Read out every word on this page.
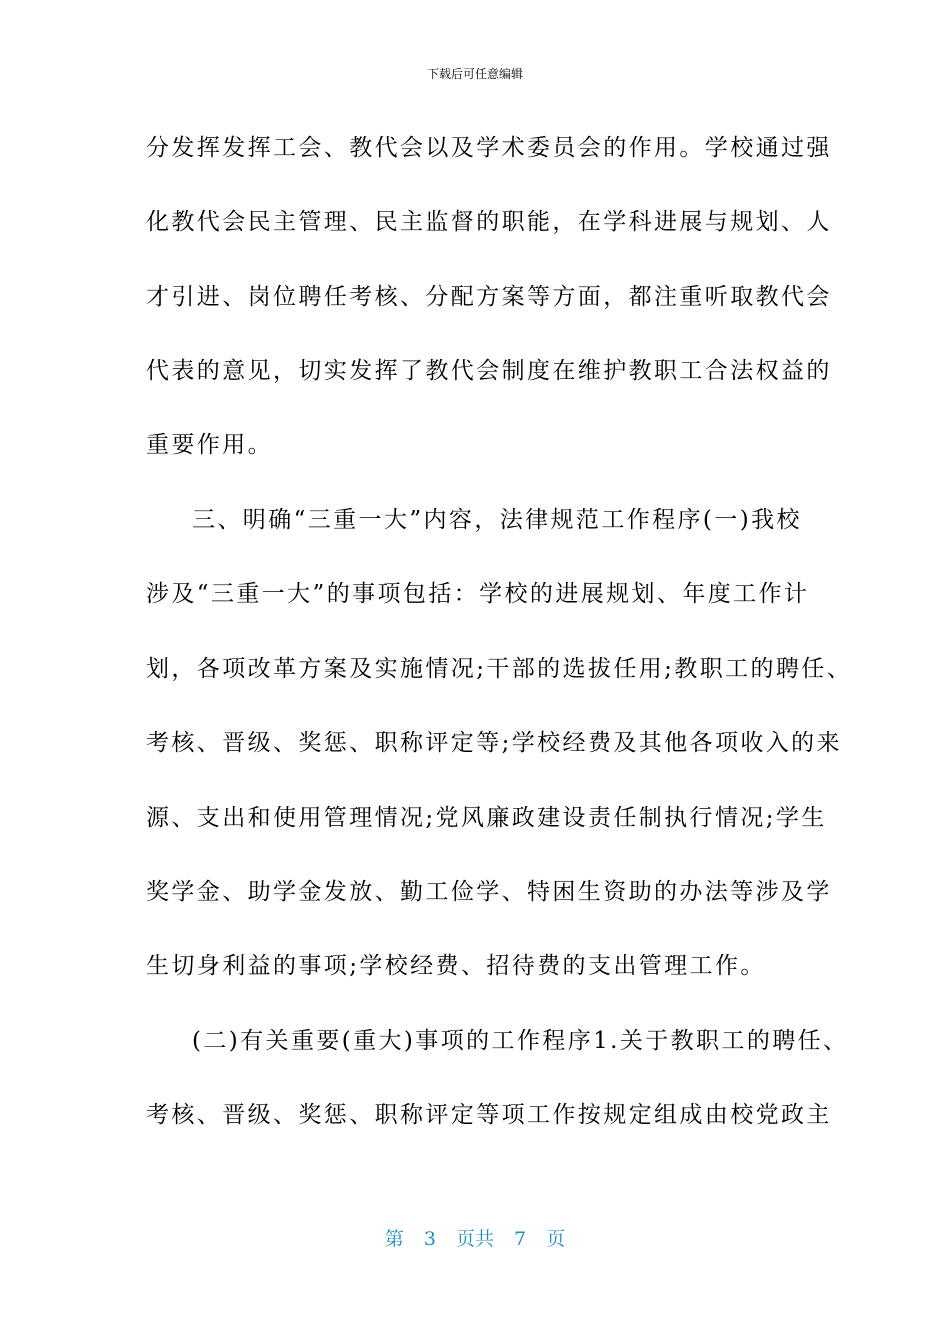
下载后可任意编辑
分发挥发挥工会、教代会以及学术委员会的作用。学校通过强
化教代会民主管理、民主监督的职能，在学科进展与规划、人
才引进、岗位聘任考核、分配方案等方面，都注重听取教代会
代表的意见，切实发挥了教代会制度在维护教职工合法权益的
重要作用。
三、明确“三重一大”内容，法律规范工作程序(一)我校
涉及“三重一大”的事项包括：学校的进展规划、年度工作计
划，各项改革方案及实施情况;干部的选拔任用;教职工的聘任、
考核、晋级、奖惩、职称评定等;学校经费及其他各项收入的来
源、支出和使用管理情况;党风廉政建设责任制执行情况;学生
奖学金、助学金发放、勤工俭学、特困生资助的办法等涉及学
生切身利益的事项;学校经费、招待费的支出管理工作。
(二)有关重要(重大)事项的工作程序1.关于教职工的聘任、
考核、晋级、奖惩、职称评定等项工作按规定组成由校党政主
第 3 页共 7 页
